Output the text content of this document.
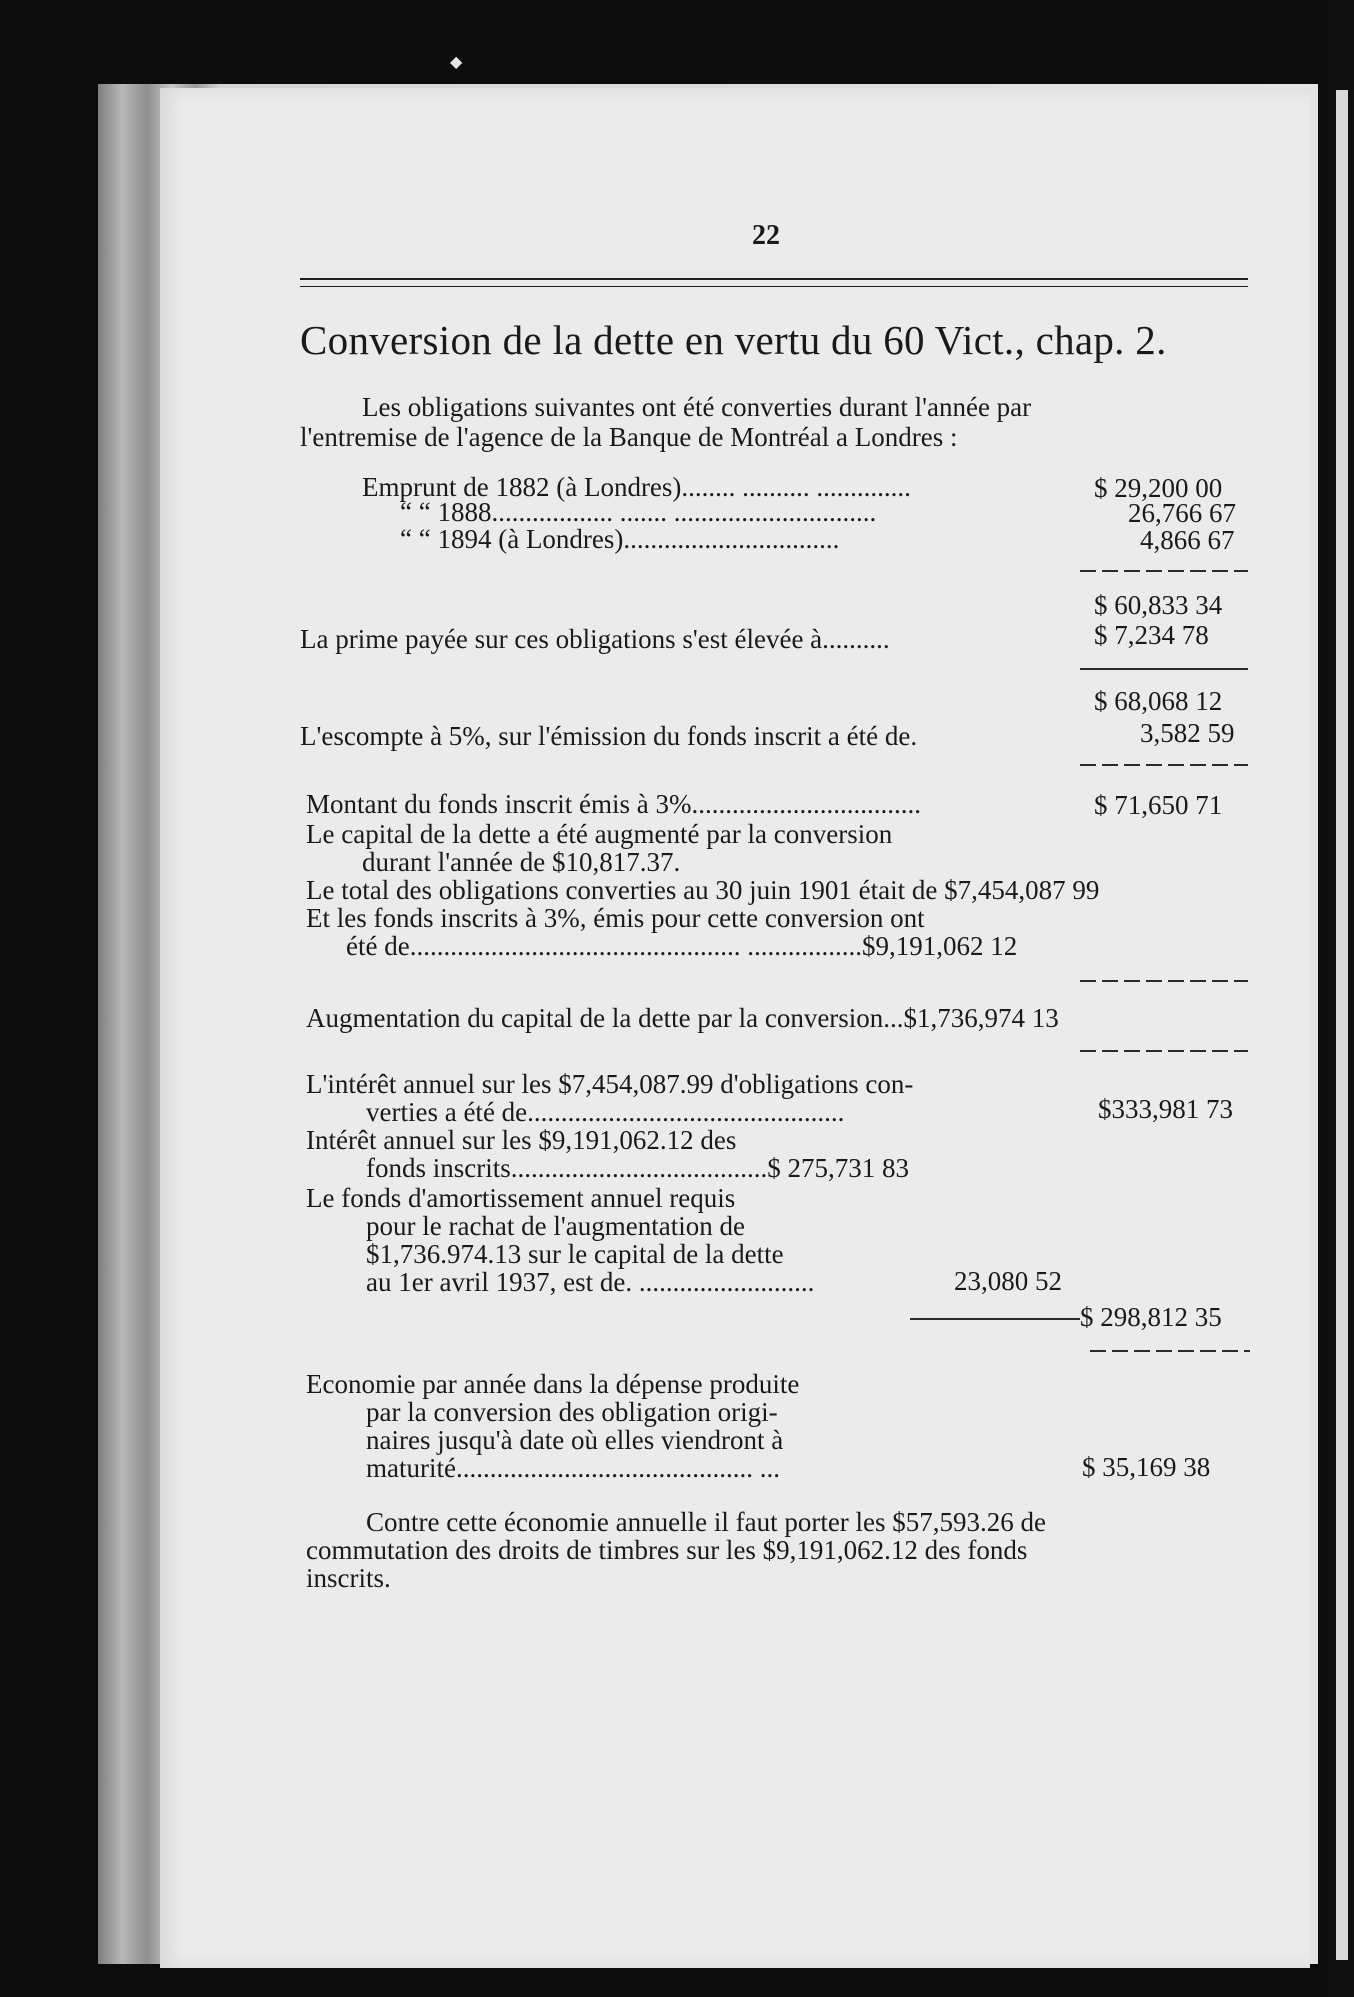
◆
22
Conversion de la dette en vertu du 60 Vict., chap. 2.
Les obligations suivantes ont été converties durant l'année par
l'entremise de l'agence de la Banque de Montréal a Londres :
Emprunt de 1882 (à Londres)........ .......... ..............	$ 29,200 00
“ “ 1888.................. ....... ..............................	26,766 67
“ “ 1894 (à Londres)................................	4,866 67
$ 60,833 34
La prime payée sur ces obligations s'est élevée à..........	$ 7,234 78
$ 68,068 12
L'escompte à 5%, sur l'émission du fonds inscrit a été de.	3,582 59
Montant du fonds inscrit émis à 3%..................................	$ 71,650 71
Le capital de la dette a été augmenté par la conversion
durant l'année de $10,817.37.
Le total des obligations converties au 30 juin 1901 était de $7,454,087 99
Et les fonds inscrits à 3%, émis pour cette conversion ont
été de................................................. .................$9,191,062 12
Augmentation du capital de la dette par la conversion...$1,736,974 13
L'intérêt annuel sur les $7,454,087.99 d'obligations con-
verties a été de...............................................	$333,981 73
Intérêt annuel sur les $9,191,062.12 des
fonds inscrits......................................$ 275,731 83
Le fonds d'amortissement annuel requis
pour le rachat de l'augmentation de
$1,736.974.13 sur le capital de la dette
au 1er avril 1937, est de. ..........................	23,080 52
$ 298,812 35
Economie par année dans la dépense produite
par la conversion des obligation origi-
naires jusqu'à date où elles viendront à
maturité............................................ ...	$ 35,169 38
Contre cette économie annuelle il faut porter les $57,593.26 de
commutation des droits de timbres sur les $9,191,062.12 des fonds
inscrits.
